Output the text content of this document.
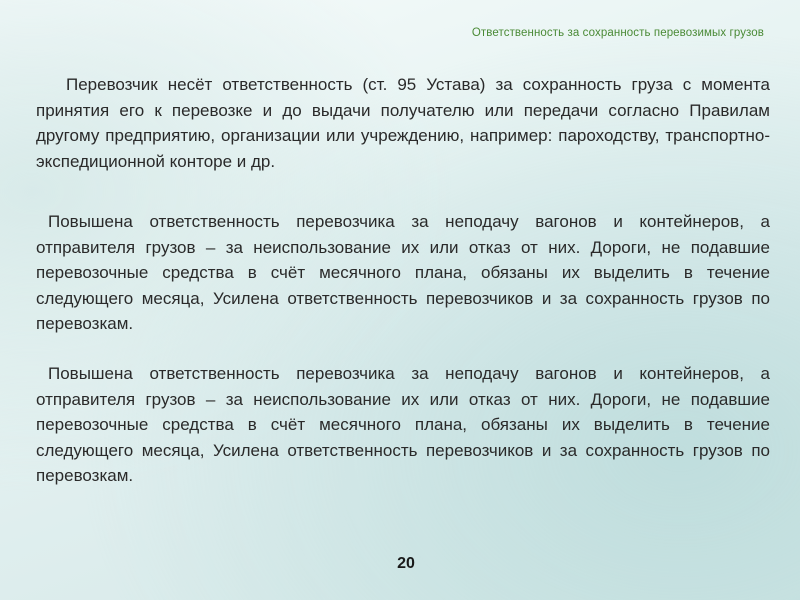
Ответственность за сохранность перевозимых грузов

Перевозчик несёт ответственность (ст. 95 Устава) за сохранность груза с момента принятия его к перевозке и до выдачи получателю или передачи согласно Правилам другому предприятию, организации или учреждению, например: пароходству, транспортно-экспедиционной конторе и др.

Повышена ответственность перевозчика за неподачу вагонов и контейнеров, а отправителя грузов – за неиспользование их или отказ от них. Дороги, не подавшие перевозочные средства в счёт месячного плана, обязаны их выделить в течение следующего месяца, Усилена ответственность перевозчиков и за сохранность грузов по перевозкам.

Повышена ответственность перевозчика за неподачу вагонов и контейнеров, а отправителя грузов – за неиспользование их или отказ от них. Дороги, не подавшие перевозочные средства в счёт месячного плана, обязаны их выделить в течение следующего месяца, Усилена ответственность перевозчиков и за сохранность грузов по перевозкам.

20
